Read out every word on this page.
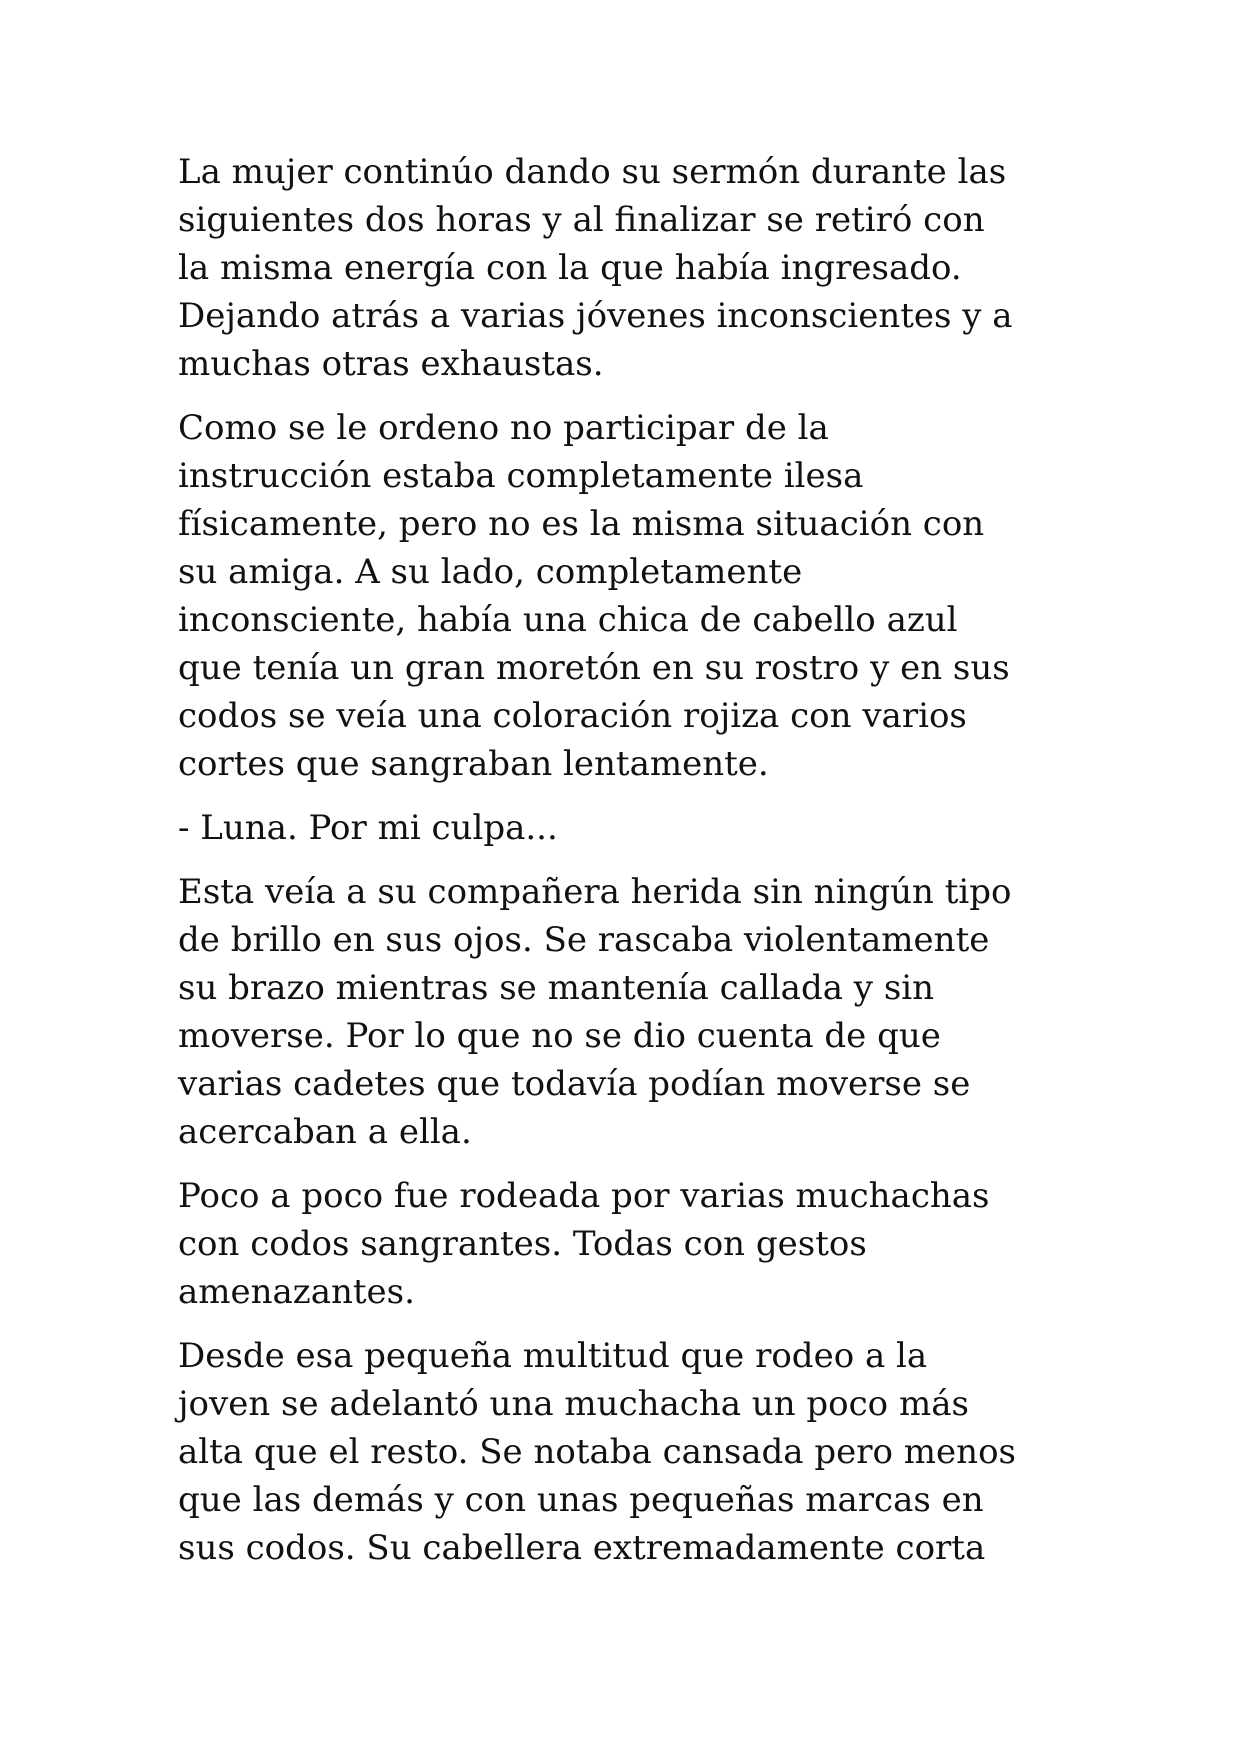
La mujer continúo dando su sermón durante las
siguientes dos horas y al finalizar se retiró con
la misma energía con la que había ingresado.
Dejando atrás a varias jóvenes inconscientes y a
muchas otras exhaustas.

Como se le ordeno no participar de la
instrucción estaba completamente ilesa
físicamente, pero no es la misma situación con
su amiga. A su lado, completamente
inconsciente, había una chica de cabello azul
que tenía un gran moretón en su rostro y en sus
codos se veía una coloración rojiza con varios
cortes que sangraban lentamente.

- Luna. Por mi culpa...

Esta veía a su compañera herida sin ningún tipo
de brillo en sus ojos. Se rascaba violentamente
su brazo mientras se mantenía callada y sin
moverse. Por lo que no se dio cuenta de que
varias cadetes que todavía podían moverse se
acercaban a ella.

Poco a poco fue rodeada por varias muchachas
con codos sangrantes. Todas con gestos
amenazantes.

Desde esa pequeña multitud que rodeo a la
joven se adelantó una muchacha un poco más
alta que el resto. Se notaba cansada pero menos
que las demás y con unas pequeñas marcas en
sus codos. Su cabellera extremadamente corta
